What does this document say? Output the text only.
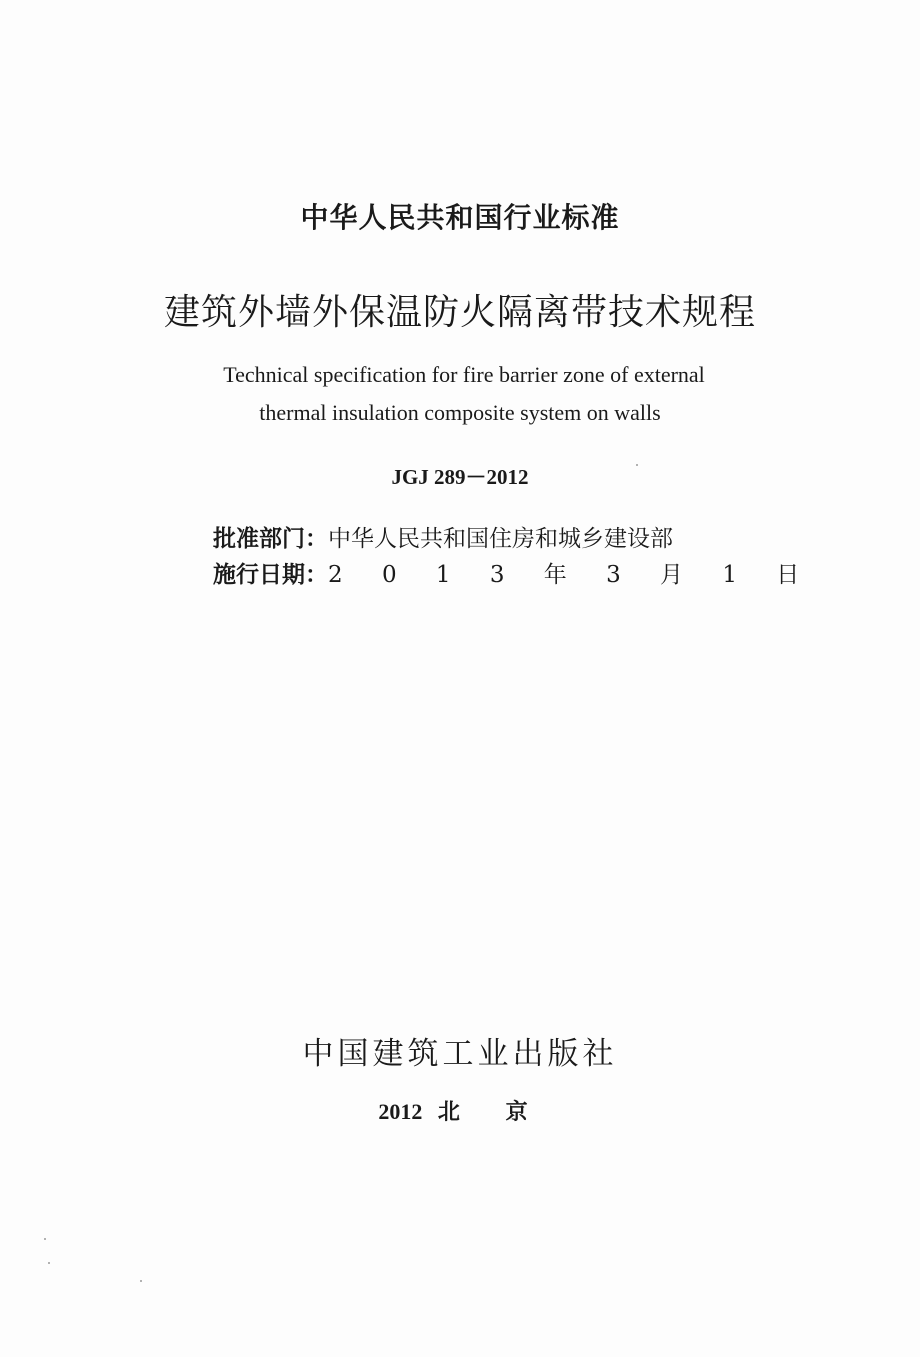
中华人民共和国行业标准
建筑外墙外保温防火隔离带技术规程
Technical specification for fire barrier zone of external
thermal insulation composite system on walls
JGJ 289－2012
批准部门：中华人民共和国住房和城乡建设部
施行日期：2 0 1 3 年 3 月 1 日
中国建筑工业出版社
2012 北 京
